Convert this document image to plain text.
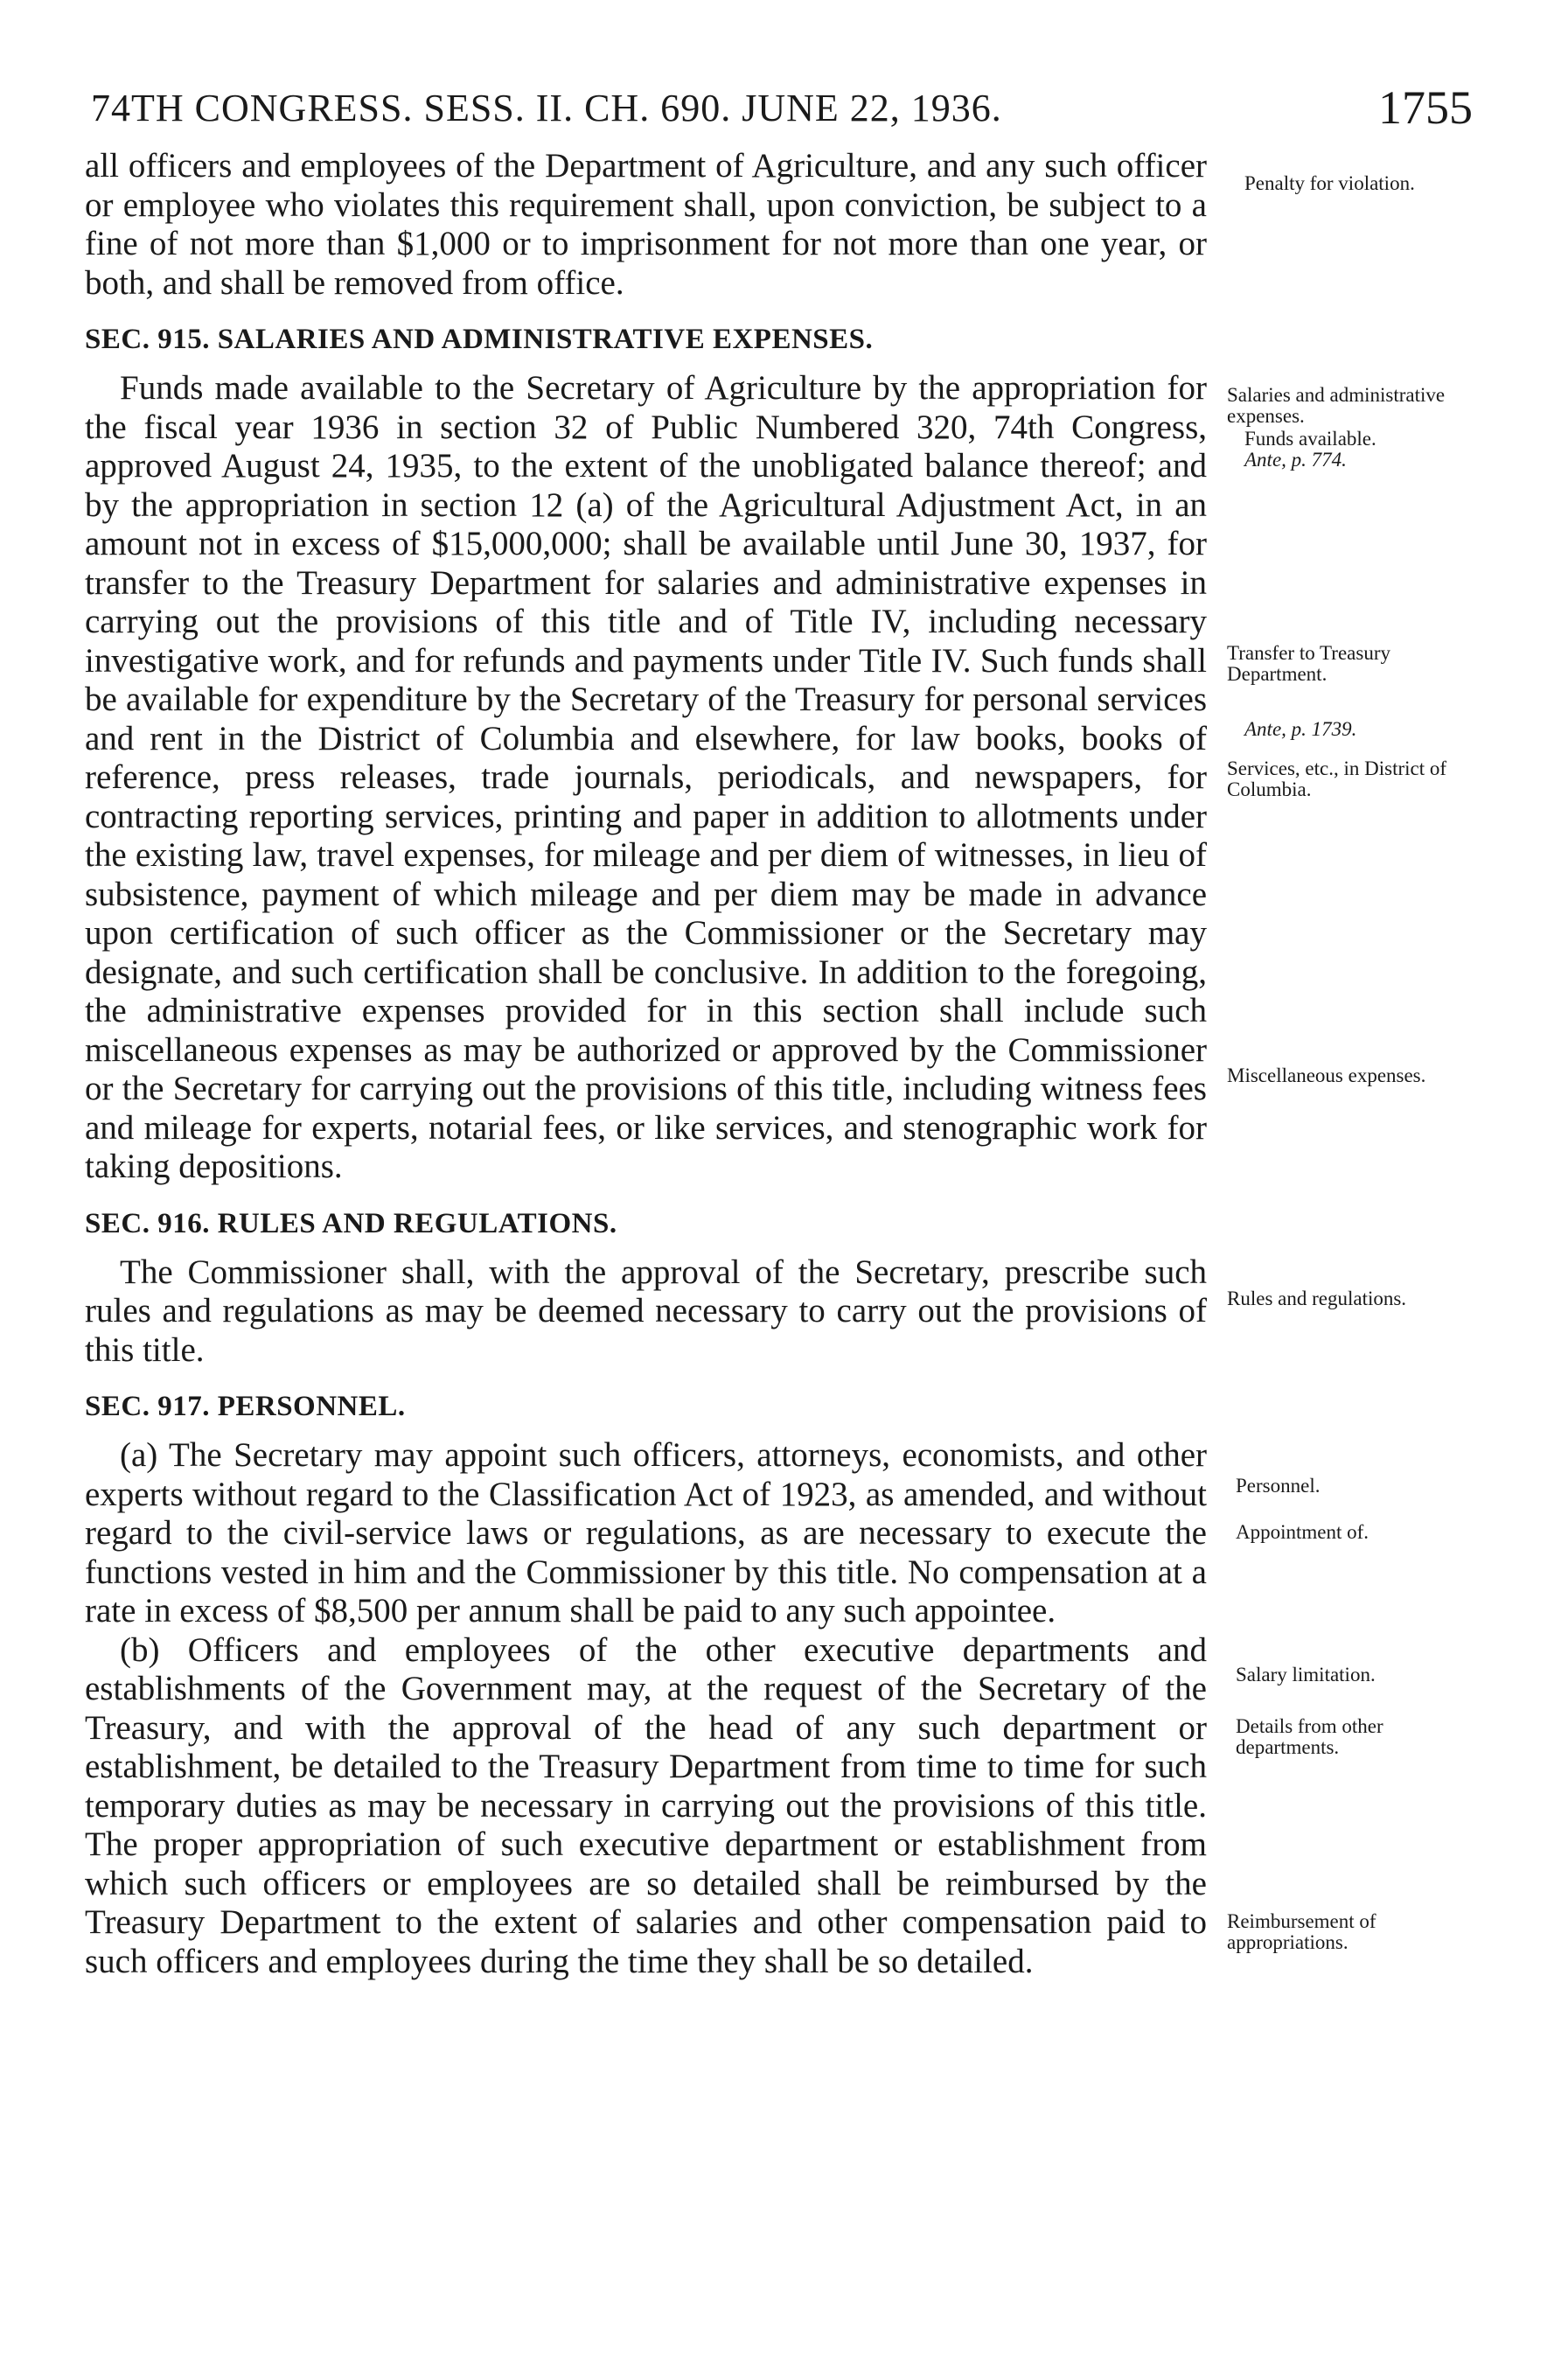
74TH CONGRESS. SESS. II. CH. 690. JUNE 22, 1936.	1755

all officers and employees of the Department of Agriculture, and any such officer or employee who violates this requirement shall, upon conviction, be subject to a fine of not more than $1,000 or to imprisonment for not more than one year, or both, and shall be removed from office.

SEC. 915. SALARIES AND ADMINISTRATIVE EXPENSES.

Funds made available to the Secretary of Agriculture by the appropriation for the fiscal year 1936 in section 32 of Public Numbered 320, 74th Congress, approved August 24, 1935, to the extent of the unobligated balance thereof; and by the appropriation in section 12 (a) of the Agricultural Adjustment Act, in an amount not in excess of $15,000,000; shall be available until June 30, 1937, for transfer to the Treasury Department for salaries and administrative expenses in carrying out the provisions of this title and of Title IV, including necessary investigative work, and for refunds and payments under Title IV. Such funds shall be available for expenditure by the Secretary of the Treasury for personal services and rent in the District of Columbia and elsewhere, for law books, books of reference, press releases, trade journals, periodicals, and newspapers, for contracting reporting services, printing and paper in addition to allotments under the existing law, travel expenses, for mileage and per diem of witnesses, in lieu of subsistence, payment of which mileage and per diem may be made in advance upon certification of such officer as the Commissioner or the Secretary may designate, and such certification shall be conclusive. In addition to the foregoing, the administrative expenses provided for in this section shall include such miscellaneous expenses as may be authorized or approved by the Commissioner or the Secretary for carrying out the provisions of this title, including witness fees and mileage for experts, notarial fees, or like services, and stenographic work for taking depositions.

SEC. 916. RULES AND REGULATIONS.

The Commissioner shall, with the approval of the Secretary, prescribe such rules and regulations as may be deemed necessary to carry out the provisions of this title.

SEC. 917. PERSONNEL.

(a) The Secretary may appoint such officers, attorneys, economists, and other experts without regard to the Classification Act of 1923, as amended, and without regard to the civil-service laws or regulations, as are necessary to execute the functions vested in him and the Commissioner by this title. No compensation at a rate in excess of $8,500 per annum shall be paid to any such appointee.

(b) Officers and employees of the other executive departments and establishments of the Government may, at the request of the Secretary of the Treasury, and with the approval of the head of any such department or establishment, be detailed to the Treasury Department from time to time for such temporary duties as may be necessary in carrying out the provisions of this title. The proper appropriation of such executive department or establishment from which such officers or employees are so detailed shall be reimbursed by the Treasury Department to the extent of salaries and other compensation paid to such officers and employees during the time they shall be so detailed.

Penalty for violation.
Salaries and administrative expenses.
Funds available.
Ante, p. 774.
Transfer to Treasury Department.
Ante, p. 1739.
Services, etc., in District of Columbia.
Miscellaneous expenses.
Rules and regulations.
Personnel.
Appointment of.
Salary limitation.
Details from other departments.
Reimbursement of appropriations.
